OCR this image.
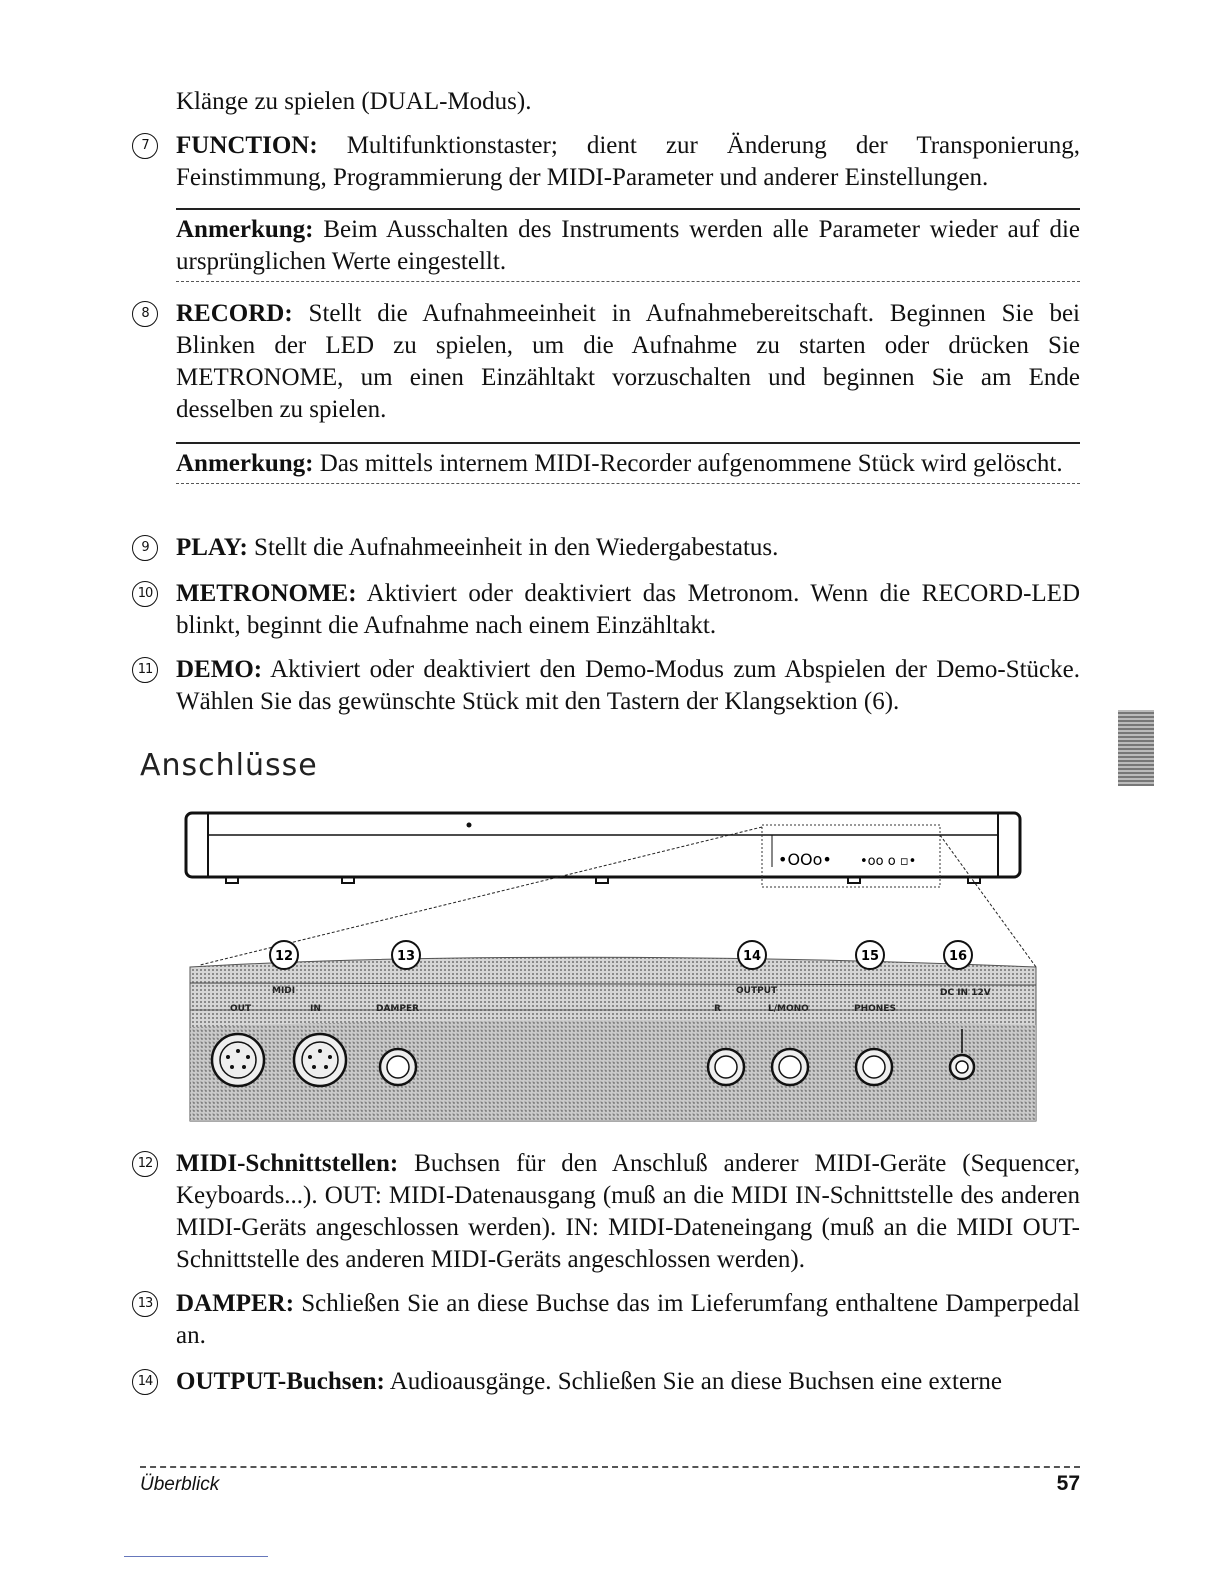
Klänge zu spielen (DUAL-Modus).
7	FUNCTION: Multifunktionstaster; dient zur Änderung der Transponierung, Feinstimmung, Programmierung der MIDI-Parameter und anderer Einstellungen.
Anmerkung: Beim Ausschalten des Instruments werden alle Parameter wieder auf die ursprünglichen Werte eingestellt.
8	RECORD: Stellt die Aufnahmeeinheit in Aufnahmebereitschaft. Beginnen Sie bei Blinken der LED zu spielen, um die Aufnahme zu starten oder drücken Sie METRONOME, um einen Einzähltakt vorzuschalten und beginnen Sie am Ende desselben zu spielen.
Anmerkung: Das mittels internem MIDI-Recorder aufgenommene Stück wird gelöscht.
9	PLAY: Stellt die Aufnahmeeinheit in den Wiedergabestatus.
10 METRONOME: Aktiviert oder deaktiviert das Metronom. Wenn die RECORD-LED blinkt, beginnt die Aufnahme nach einem Einzähltakt.
11 DEMO: Aktiviert oder deaktiviert den Demo-Modus zum Abspielen der Demo-Stücke. Wählen Sie das gewünschte Stück mit den Tastern der Klangsektion (6).
Anschlüsse
•OOo• •oo o ▫•
MIDI
OUT	IN	DAMPER
OUTPUT
R	L/MONO	PHONES
DC IN 12V
12	13	14	15	16
12 MIDI-Schnittstellen: Buchsen für den Anschluß anderer MIDI-Geräte (Sequencer, Keyboards...). OUT: MIDI-Datenausgang (muß an die MIDI IN-Schnittstelle des anderen MIDI-Geräts angeschlossen werden). IN: MIDI-Dateneingang (muß an die MIDI OUT-Schnittstelle des anderen MIDI-Geräts angeschlossen werden).
13 DAMPER: Schließen Sie an diese Buchse das im Lieferumfang enthaltene Damperpedal an.
14 OUTPUT-Buchsen: Audioausgänge. Schließen Sie an diese Buchsen eine externe
Überblick	57
